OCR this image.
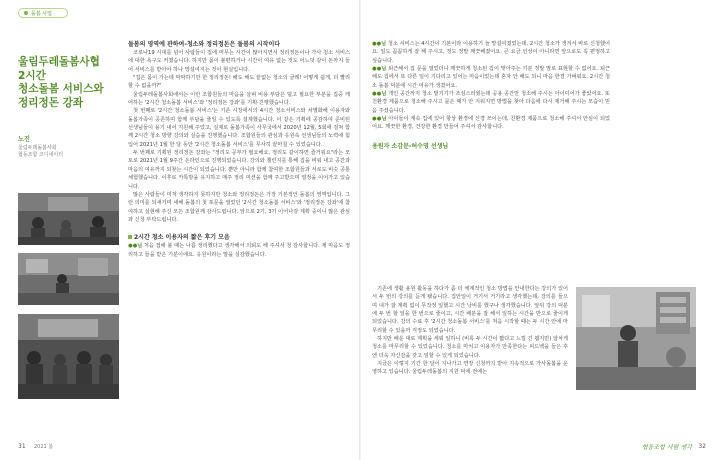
돌봄 사업
울림두레돌봄사협
2시간
청소돌봄 서비스와
정리정돈 강좌
노진
울림두레돌봄사회
협동조합 코디네이터
돌봄의 영역에 관하여-청소와 정리정돈은 돌봄의 시작이다

코로나19 시대를 넘어 사람들이 집에 머무는 시간이 많아지면서 정리정돈이나 가사 청소 서비스에 대한 욕구도 커졌습니다. 하지만 몸이 불편하거나 시간이 여유 없는 것도 어느덧 같이 돈까지 들어 서비스를 받아야 하나 망설여지는 것이 현실입니다.

"집은 몸이 가는데 막막하기만 한 정리정돈! 해도 해도 끝없는 청소의 굴레! 어떻게 쉽게, 더 빨리 할 수 없을까?"

울림두레돌봄사회에서는 이런 조합원들의 마음을 살펴 비용 부담은 덜고 필요한 부분을 집중 케어하는 '2시간 청소돌봄 서비스'와 '정리정돈 강좌'를 기획·진행했습니다.

첫 번째로 '2시간 청소돌봄 서비스'는 기존 시장에서의 4시간 청소서비스와 차별화해 이용자와 돌봄가족이 공존하며 함께 부담을 줄일 수 있도록 설계했습니다. 이 같은 기획에 공감하여 준비된 선생님들이 용기 내어 지원해 주었고, 실제로 돌봄가족이 사무국에서 2020년 12월, 5회에 걸쳐 함께 2시간 청소 방향 강의와 실습을 진행했습니다. 조합원들의 관심과 응원속 선생님들의 노력에 힘입어 2021년 1월 한 달 동안 '2시간 청소돌봄 서비스'를 무사히 끝마칠 수 있었습니다.

두 번째로 기획된 정리정돈 강좌는 "정리도 공부가 필요해요, 정리도 같이하면 즐거워요"라는 모토로 2021년 1월 9주간 온라인으로 진행되었습니다. 강의와 챌린지를 통해 집을 비워 내고 공간과 마음의 여유까지 되찾는 시간이 되었습니다. 뿐만 아니라 함께 참여한 조합원들과 서로도 비슷 공통 체험했습니다. 이후로 카톡방을 유지하고 매주 정리 미션을 함께 주고받으며 열정을 이어가고 있습니다.

많은 사람들이 미처 생각하지 못하지만 청소와 정리정돈은 가장 기본적인 돌봄의 영역입니다. 그런 의미를 되새기며 새해 돌봄의 첫 포문을 열었던 '2시간 청소돌봄 서비스'와 '정리정돈 강좌'에 참여하고 실현해 주신 모든 조합원께 감사드립니다. 앞으로 2기, 3기 이어나갈 계획 중이니 많은 관심과 신청 부탁드립니다.

2시간 청소 이용자의 짧은 후기 모음

●●님 처음 접해 볼 때는 나름 정리했다고 생각해서 의뢰도 해 주셔서 청 감사합니다. 제 마음도 정리하고 들을 받은 기분이에요. 응원이라는 말을 실감했습니다.

●●님 청소 서비스는 4시간이 기본이라 이용하기 늘 망설여졌었는데, 2시간 청소가 생겨서 바로 신청했어요. 일도 꼼꼼하게 잘 해 주시고, 정도 정말 깨끗해졌어요. 큰 요금 인상이 아니라면 앞으로도 꼭 편정하고 싶습니다.

●●님 퇴근해서 집 문을 열었더니 깨끗하게 청소된 집이 맞아주는 기분 정말 말로 표현할 수 없어요. 퇴근해도 집에서 또 다른 일이 기다리고 있어는 마음이었는데 혼자 안 해도 되니 마음 한결 가벼워요. 2시간 청소 돌봄 덕분에 시간 여유가 생겼어요.

●●님 개인 공간까지 청소 맡기기가 조심스러웠는데 공용 공간만 청소해 주시는 아이디어가 좋았어요. 또 친환경 제품으로 청소해 주시고 묻은 때가 안 지워지면 방법을 찾아 다음에 다시 제거해 주시는 모습이 믿음 주셨습니다.

●●님 아이들이 계속 집에 있어 항상 환경에 신경 쓰이는데, 친환경 제품으로 청소해 주셔서 안심이 되었어요. 깨끗한 환경, 건강한 환경 만들어 주셔서 감사합니다.

용원자 소감문-허수영 선생님

기존에 생활 용원 활동을 하다가 좀 더 체계적인 청소 방법을 안내한다는 강의가 있어서 두 번의 강의를 듣게 됐습니다. 집안일이 거기서 거기라고 생각했는데, 강의를 들으며 내가 잘 계획 없이 무작정 일했고 시간 낭비를 했구나 생각했습니다. 앞뒤 강의 덕분에 두 번 할 일을 한 번으로 줄이고, 시간 배분을 잘 해서 일하는 시간을 반으로 줄이게 되었습니다. 강의 수료 후 '2시간 청소돌봄 서비스'를 처음 시작할 때는 두 시간 안에 마무리할 수 있을까 걱정도 되었습니다.

하지만 배운 대로 계획을 세워 일하니 (비록 두 시간이 짧다고 느낄 긴 웹지만) 알차게 청소를 마무리할 수 있었습니다. 청소를 마치고 이용자가 만족한다는 피드백을 들은 후엔 더욱 자신감을 갖고 일할 수 있게 되었습니다.

지금은 이렇지 기간 한 달이 지나가고 연장 신청까지 받아 지속적으로 가사돌봄을 운영하고 있습니다. 울림두레돌봄의 지원 덕에 전에는

31 2021 봄	협동조합 사람 생각 32
